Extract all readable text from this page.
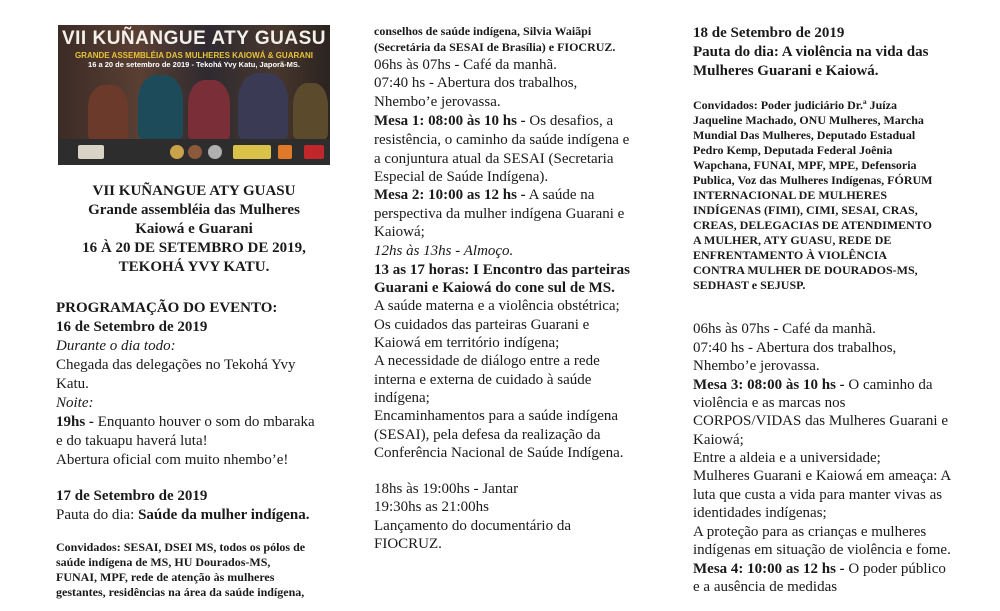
VII KUÑANGUE ATY GUASU
GRANDE ASSEMBLÉIA DAS MULHERES KAIOWÁ & GUARANI
16 a 20 de setembro de 2019 - Tekohá Yvy Katu, Japorã-MS.
VII KUÑANGUE ATY GUASU
Grande assembléia das Mulheres
Kaiowá e Guarani
16 À 20 DE SETEMBRO DE 2019,
TEKOHÁ YVY KATU.
PROGRAMAÇÃO DO EVENTO:
16 de Setembro de 2019
Durante o dia todo:
Chegada das delegações no Tekohá Yvy
Katu.
Noite:
19hs - Enquanto houver o som do mbaraka
e do takuapu haverá luta!
Abertura oficial com muito nhembo’e!
17 de Setembro de 2019
Pauta do dia: Saúde da mulher indígena.
Convidados: SESAI, DSEI MS, todos os pólos de
saúde indígena de MS, HU Dourados-MS,
FUNAI, MPF, rede de atenção às mulheres
gestantes, residências na área da saúde indígena,
conselhos de saúde indígena, Silvia Waiãpi
(Secretária da SESAI de Brasília) e FIOCRUZ.
06hs às 07hs - Café da manhã.
07:40 hs - Abertura dos trabalhos,
Nhembo’e jerovassa.
Mesa 1: 08:00 às 10 hs - Os desafios, a
resistência, o caminho da saúde indígena e
a conjuntura atual da SESAI (Secretaria
Especial de Saúde Indígena).
Mesa 2: 10:00 as 12 hs - A saúde na
perspectiva da mulher indígena Guarani e
Kaiowá;
12hs às 13hs - Almoço.
13 as 17 horas: I Encontro das parteiras
Guarani e Kaiowá do cone sul de MS.
A saúde materna e a violência obstétrica;
Os cuidados das parteiras Guarani e
Kaiowá em território indígena;
A necessidade de diálogo entre a rede
interna e externa de cuidado à saúde
indígena;
Encaminhamentos para a saúde indígena
(SESAI), pela defesa da realização da
Conferência Nacional de Saúde Indígena.
18hs às 19:00hs - Jantar
19:30hs as 21:00hs
Lançamento do documentário da
FIOCRUZ.
18 de Setembro de 2019
Pauta do dia: A violência na vida das
Mulheres Guarani e Kaiowá.
Convidados: Poder judiciário Dr.ª Juíza
Jaqueline Machado, ONU Mulheres, Marcha
Mundial Das Mulheres, Deputado Estadual
Pedro Kemp, Deputada Federal Joênia
Wapchana, FUNAI, MPF, MPE, Defensoria
Publica, Voz das Mulheres Indígenas, FÓRUM
INTERNACIONAL DE MULHERES
INDÍGENAS (FIMI), CIMI, SESAI, CRAS,
CREAS, DELEGACIAS DE ATENDIMENTO
A MULHER, ATY GUASU, REDE DE
ENFRENTAMENTO À VIOLÊNCIA
CONTRA MULHER DE DOURADOS-MS,
SEDHAST e SEJUSP.
06hs às 07hs - Café da manhã.
07:40 hs - Abertura dos trabalhos,
Nhembo’e jerovassa.
Mesa 3: 08:00 às 10 hs - O caminho da
violência e as marcas nos
CORPOS/VIDAS das Mulheres Guarani e
Kaiowá;
Entre a aldeia e a universidade;
Mulheres Guarani e Kaiowá em ameaça: A
luta que custa a vida para manter vivas as
identidades indígenas;
A proteção para as crianças e mulheres
indígenas em situação de violência e fome.
Mesa 4: 10:00 as 12 hs - O poder público
e a ausência de medidas
